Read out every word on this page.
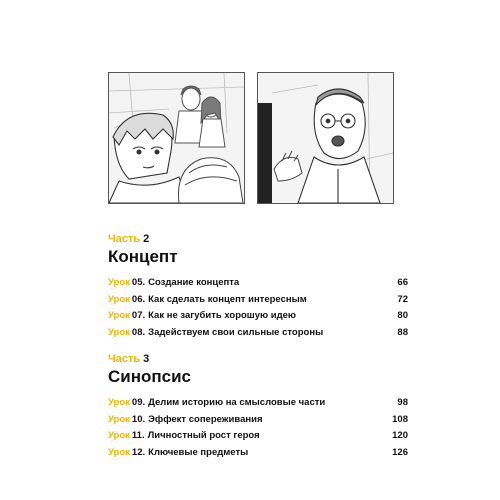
Часть 2
Концепт
Урок 05. Создание концепта	66
Урок 06. Как сделать концепт интересным	72
Урок 07. Как не загубить хорошую идею	80
Урок 08. Задействуем свои сильные стороны	88
Часть 3
Синопсис
Урок 09. Делим историю на смысловые части	98
Урок 10. Эффект сопереживания	108
Урок 11. Личностный рост героя	120
Урок 12. Ключевые предметы	126
